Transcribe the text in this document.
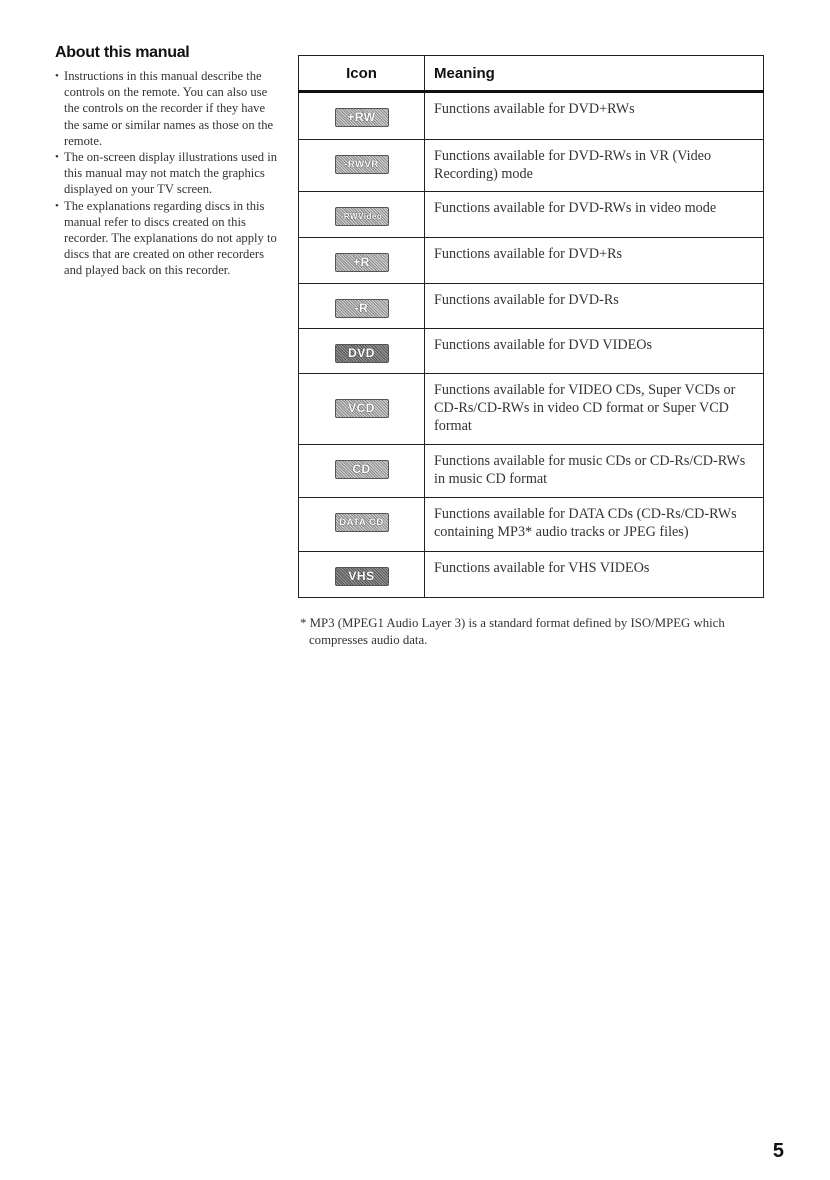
About this manual
• Instructions in this manual describe the controls on the remote. You can also use the controls on the recorder if they have the same or similar names as those on the remote.
• The on-screen display illustrations used in this manual may not match the graphics displayed on your TV screen.
• The explanations regarding discs in this manual refer to discs created on this recorder. The explanations do not apply to discs that are created on other recorders and played back on this recorder.
Icon	Meaning
+RW	Functions available for DVD+RWs
-RWVR	Functions available for DVD-RWs in VR (Video Recording) mode
-RWVideo	Functions available for DVD-RWs in video mode
+R	Functions available for DVD+Rs
-R	Functions available for DVD-Rs
DVD	Functions available for DVD VIDEOs
VCD	Functions available for VIDEO CDs, Super VCDs or CD-Rs/CD-RWs in video CD format or Super VCD format
CD	Functions available for music CDs or CD-Rs/CD-RWs in music CD format
DATA CD	Functions available for DATA CDs (CD-Rs/CD-RWs containing MP3* audio tracks or JPEG files)
VHS	Functions available for VHS VIDEOs
* MP3 (MPEG1 Audio Layer 3) is a standard format defined by ISO/MPEG which compresses audio data.
5
